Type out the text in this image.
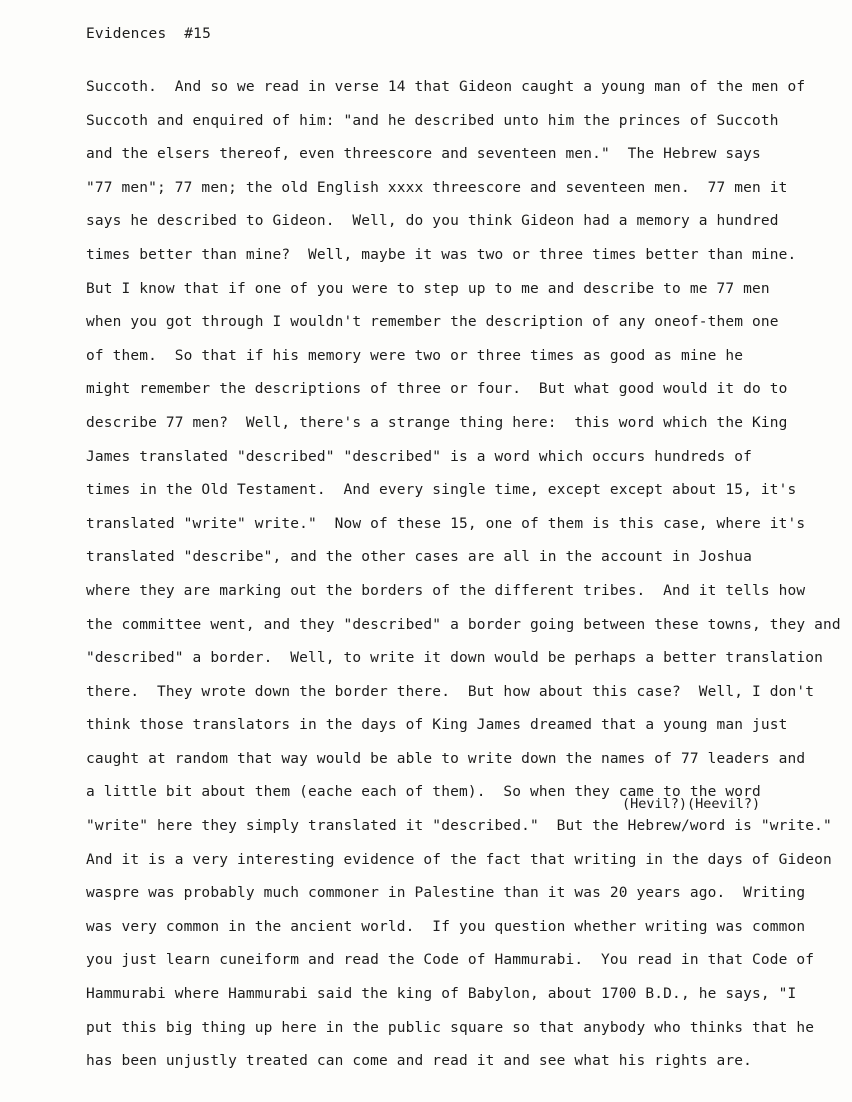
Evidences  #15
Succoth.  And so we read in verse 14 that Gideon caught a young man of the men of
Succoth and enquired of him: "and he described unto him the princes of Succoth
and the elsers thereof, even threescore and seventeen men."  The Hebrew says
"77 men"; 77 men; the old English xxxx threescore and seventeen men.  77 men it
says he described to Gideon.  Well, do you think Gideon had a memory a hundred
times better than mine?  Well, maybe it was two or three times better than mine.
But I know that if one of you were to step up to me and describe to me 77 men
when you got through I wouldn't remember the description of any oneof-them one
of them.  So that if his memory were two or three times as good as mine he
might remember the descriptions of three or four.  But what good would it do to
describe 77 men?  Well, there's a strange thing here:  this word which the King
James translated "described" "described" is a word which occurs hundreds of
times in the Old Testament.  And every single time, except except about 15, it's
translated "write" write."  Now of these 15, one of them is this case, where it's
translated "describe", and the other cases are all in the account in Joshua
where they are marking out the borders of the different tribes.  And it tells how
the committee went, and they "described" a border going between these towns, they and
"described" a border.  Well, to write it down would be perhaps a better translation
there.  They wrote down the border there.  But how about this case?  Well, I don't
think those translators in the days of King James dreamed that a young man just
caught at random that way would be able to write down the names of 77 leaders and
a little bit about them (eache each of them).  So when they came to the word
"write" here they simply translated it "described."  But the Hebrew/word is "write."
And it is a very interesting evidence of the fact that writing in the days of Gideon
waspre was probably much commoner in Palestine than it was 20 years ago.  Writing
was very common in the ancient world.  If you question whether writing was common
you just learn cuneiform and read the Code of Hammurabi.  You read in that Code of
Hammurabi where Hammurabi said the king of Babylon, about 1700 B.D., he says, "I
put this big thing up here in the public square so that anybody who thinks that he
has been unjustly treated can come and read it and see what his rights are.
(Hevil?)(Heevil?)
